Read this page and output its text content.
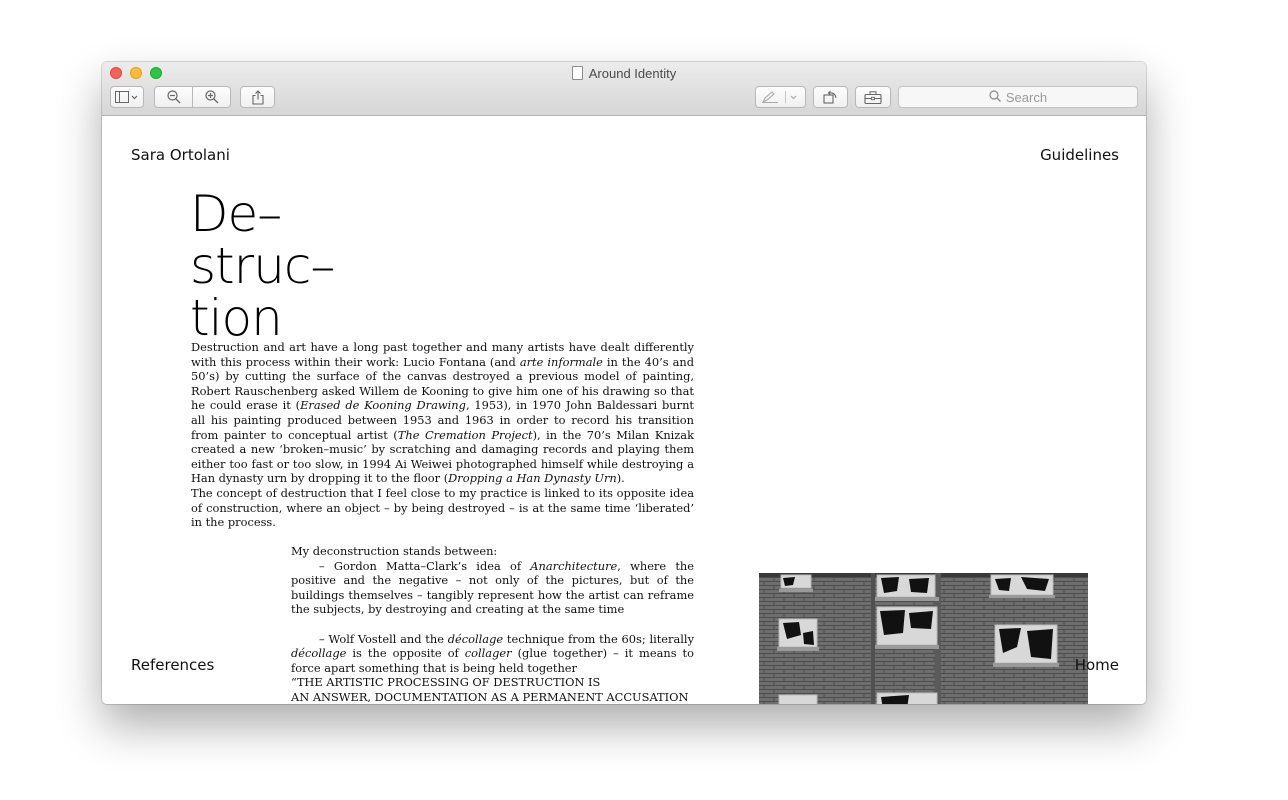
Around Identity
Search
Sara Ortolani	Guidelines
De–
struc–
tion

Destruction and art have a long past together and many artists have dealt differently with this process within their work: Lucio Fontana (and arte informale in the 40’s and 50’s) by cutting the surface of the canvas destroyed a previous model of painting, Robert Rauschenberg asked Willem de Kooning to give him one of his drawing so that he could erase it (Erased de Kooning Drawing, 1953), in 1970 John Baldessari burnt all his painting produced between 1953 and 1963 in order to record his transition from painter to conceptual artist (The Cremation Project), in the 70’s Milan Knizak created a new ‘broken–music’ by scratching and damaging records and playing them either too fast or too slow, in 1994 Ai Weiwei photographed himself while destroying a Han dynasty urn by dropping it to the floor (Dropping a Han Dynasty Urn).

The concept of destruction that I feel close to my practice is linked to its opposite idea of construction, where an object – by being destroyed – is at the same time ‘liberated’ in the process.

My deconstruction stands between:

– Gordon Matta–Clark’s idea of Anarchitecture, where the positive and the negative – not only of the pictures, but of the buildings themselves – tangibly represent how the artist can reframe the subjects, by destroying and creating at the same time

– Wolf Vostell and the décollage technique from the 60s; literally décollage is the opposite of collager (glue together) – it means to force apart something that is being held together

“THE ARTISTIC PROCESSING OF DESTRUCTION IS

AN ANSWER, DOCUMENTATION AS A PERMANENT ACCUSATION

References	Home
